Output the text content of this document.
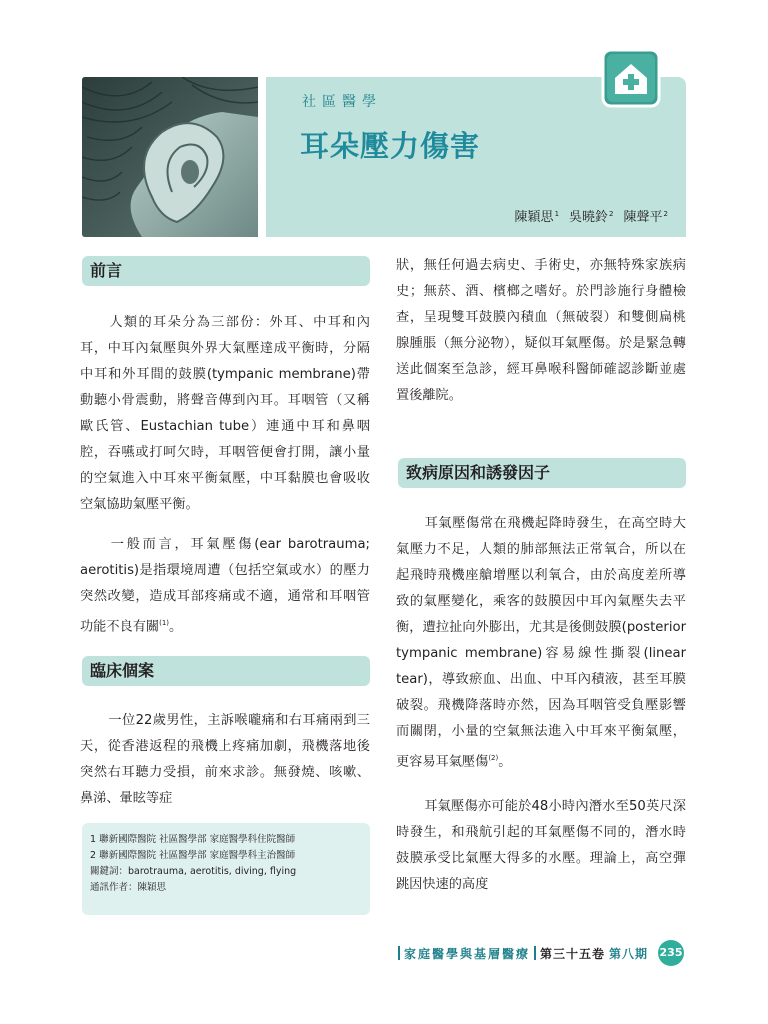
社區醫學
耳朵壓力傷害
陳穎思$^1$ 吳曉鈴$^2$ 陳聲平$^2$
前言
人類的耳朵分為三部份：外耳、中耳和內耳，中耳內氣壓與外界大氣壓達成平衡時，分隔中耳和外耳間的鼓膜(tympanic membrane)帶動聽小骨震動，將聲音傳到內耳。耳咽管（又稱歐氏管、Eustachian tube）連通中耳和鼻咽腔，吞嚥或打呵欠時，耳咽管便會打開，讓小量的空氣進入中耳來平衡氣壓，中耳黏膜也會吸收空氣協助氣壓平衡。
一般而言，耳氣壓傷(ear barotrauma; aerotitis)是指環境周遭（包括空氣或水）的壓力突然改變，造成耳部疼痛或不適，通常和耳咽管功能不良有關$^{(1)}$。
臨床個案
一位22歲男性，主訴喉嚨痛和右耳痛兩到三天，從香港返程的飛機上疼痛加劇，飛機落地後突然右耳聽力受損，前來求診。無發燒、咳嗽、鼻涕、暈眩等症
1 聯新國際醫院 社區醫學部 家庭醫學科住院醫師
2 聯新國際醫院 社區醫學部 家庭醫學科主治醫師
關鍵詞：barotrauma, aerotitis, diving, flying
通訊作者：陳穎思
狀，無任何過去病史、手術史，亦無特殊家族病史；無菸、酒、檳榔之嗜好。於門診施行身體檢查，呈現雙耳鼓膜內積血（無破裂）和雙側扁桃腺腫脹（無分泌物），疑似耳氣壓傷。於是緊急轉送此個案至急診，經耳鼻喉科醫師確認診斷並處置後離院。
致病原因和誘發因子
耳氣壓傷常在飛機起降時發生，在高空時大氣壓力不足，人類的肺部無法正常氧合，所以在起飛時飛機座艙增壓以利氧合，由於高度差所導致的氣壓變化，乘客的鼓膜因中耳內氣壓失去平衡，遭拉扯向外膨出，尤其是後側鼓膜(posterior tympanic membrane)容易線性撕裂(linear tear)，導致瘀血、出血、中耳內積液，甚至耳膜破裂。飛機降落時亦然，因為耳咽管受負壓影響而關閉，小量的空氣無法進入中耳來平衡氣壓，更容易耳氣壓傷$^{(2)}$。
耳氣壓傷亦可能於48小時內潛水至50英尺深時發生，和飛航引起的耳氣壓傷不同的，潛水時鼓膜承受比氣壓大得多的水壓。理論上，高空彈跳因快速的高度
家庭醫學與基層醫療 第三十五卷 第八期 235
